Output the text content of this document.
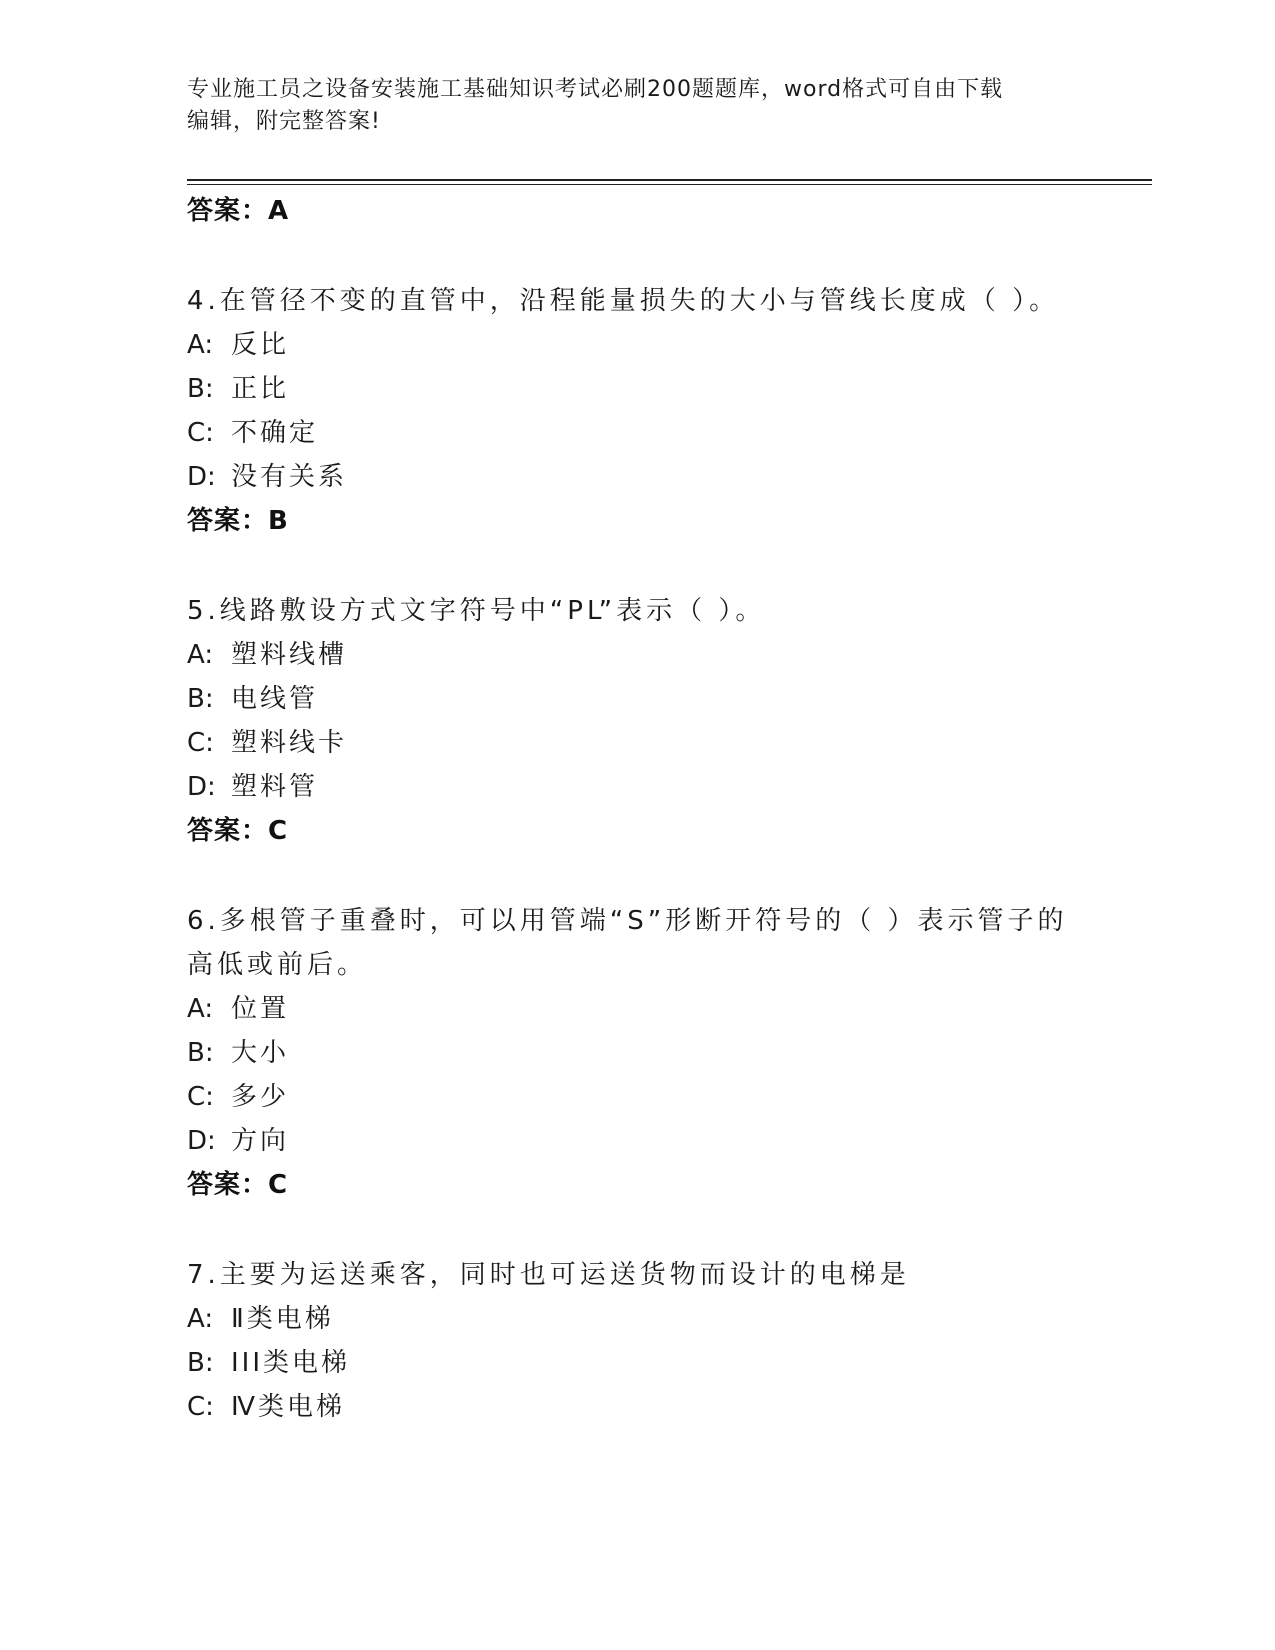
专业施工员之设备安装施工基础知识考试必刷200题题库，word格式可自由下载
编辑，附完整答案!
答案：A
4.在管径不变的直管中，沿程能量损失的大小与管线长度成（ ）。
A: 反比
B: 正比
C: 不确定
D: 没有关系
答案：B
5.线路敷设方式文字符号中“PL”表示（ ）。
A: 塑料线槽
B: 电线管
C: 塑料线卡
D: 塑料管
答案：C
6.多根管子重叠时，可以用管端“S”形断开符号的（ ）表示管子的
高低或前后。
A: 位置
B: 大小
C: 多少
D: 方向
答案：C
7.主要为运送乘客，同时也可运送货物而设计的电梯是
A: Ⅱ类电梯
B: III类电梯
C: Ⅳ类电梯
